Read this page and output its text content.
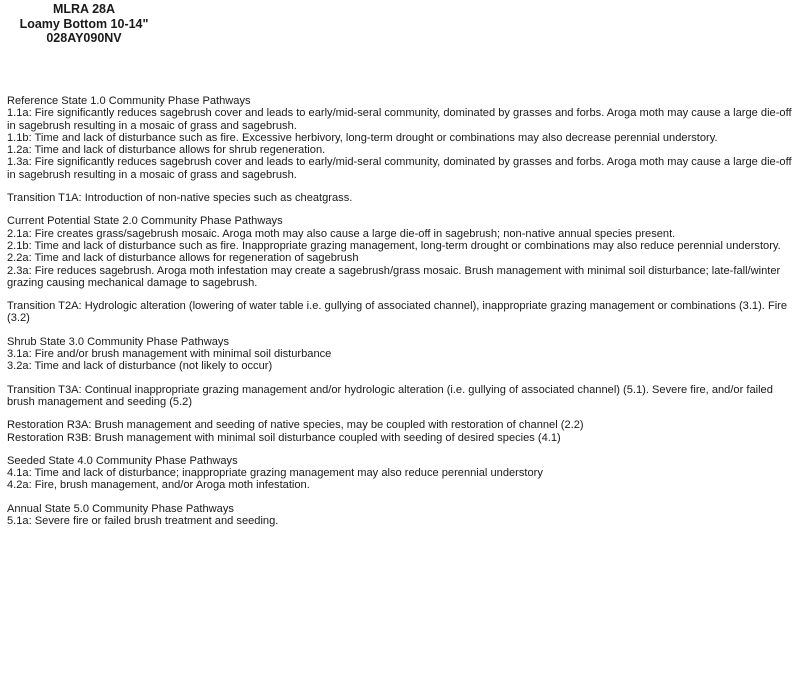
MLRA 28A
Loamy Bottom 10-14"
028AY090NV
Reference State 1.0 Community Phase Pathways
1.1a: Fire significantly reduces sagebrush cover and leads to early/mid-seral community, dominated by grasses and forbs. Aroga moth may cause a large die-off in sagebrush resulting in a mosaic of grass and sagebrush.
1.1b: Time and lack of disturbance such as fire. Excessive herbivory, long-term drought or combinations may also decrease perennial understory.
1.2a: Time and lack of disturbance allows for shrub regeneration.
1.3a: Fire significantly reduces sagebrush cover and leads to early/mid-seral community, dominated by grasses and forbs. Aroga moth may cause a large die-off in sagebrush resulting in a mosaic of grass and sagebrush.
Transition T1A: Introduction of non-native species such as cheatgrass.
Current Potential State 2.0 Community Phase Pathways
2.1a: Fire creates grass/sagebrush mosaic. Aroga moth may also cause a large die-off in sagebrush; non-native annual species present.
2.1b: Time and lack of disturbance such as fire. Inappropriate grazing management, long-term drought or combinations may also reduce perennial understory.
2.2a: Time and lack of disturbance allows for regeneration of sagebrush
2.3a: Fire reduces sagebrush. Aroga moth infestation may create a sagebrush/grass mosaic. Brush management with minimal soil disturbance; late-fall/winter grazing causing mechanical damage to sagebrush.
Transition T2A: Hydrologic alteration (lowering of water table i.e. gullying of associated channel), inappropriate grazing management or combinations (3.1). Fire (3.2)
Shrub State 3.0 Community Phase Pathways
3.1a: Fire and/or brush management with minimal soil disturbance
3.2a: Time and lack of disturbance (not likely to occur)
Transition T3A: Continual inappropriate grazing management and/or hydrologic alteration (i.e. gullying of associated channel) (5.1). Severe fire, and/or failed brush management and seeding (5.2)
Restoration R3A: Brush management and seeding of native species, may be coupled with restoration of channel (2.2)
Restoration R3B: Brush management with minimal soil disturbance coupled with seeding of desired species (4.1)
Seeded State 4.0 Community Phase Pathways
4.1a: Time and lack of disturbance; inappropriate grazing management may also reduce perennial understory
4.2a: Fire, brush management, and/or Aroga moth infestation.
Annual State 5.0 Community Phase Pathways
5.1a: Severe fire or failed brush treatment and seeding.
